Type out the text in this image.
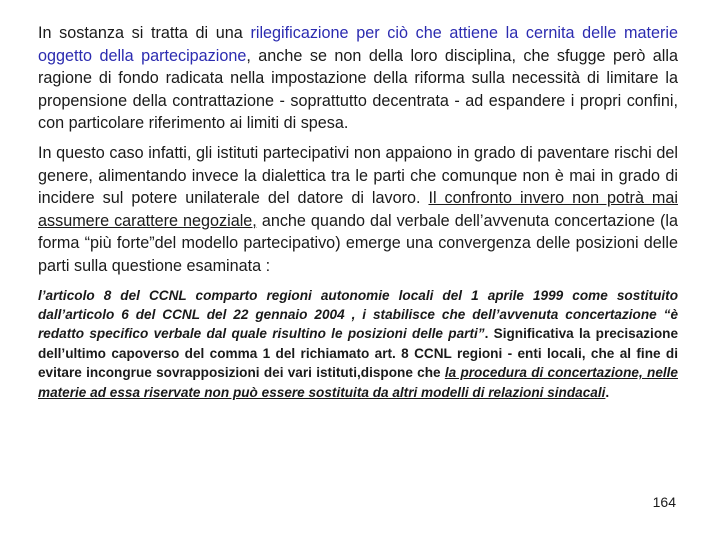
In sostanza si tratta di una rilegificazione per ciò che attiene la cernita delle materie oggetto della partecipazione, anche se non della loro disciplina, che sfugge però alla ragione di fondo radicata nella impostazione della riforma sulla necessità di limitare la propensione della contrattazione - soprattutto decentrata - ad espandere i propri confini, con particolare riferimento ai limiti di spesa.

In questo caso infatti, gli istituti partecipativi non appaiono in grado di paventare rischi del genere, alimentando invece la dialettica tra le parti che comunque non è mai in grado di incidere sul potere unilaterale del datore di lavoro. Il confronto invero non potrà mai assumere carattere negoziale, anche quando dal verbale dell’avvenuta concertazione (la forma “più forte”del modello partecipativo) emerge una convergenza delle posizioni delle parti sulla questione esaminata :

l’articolo 8 del CCNL comparto regioni autonomie locali del 1 aprile 1999 come sostituito dall’articolo 6 del CCNL del 22 gennaio 2004 , i stabilisce che dell’avvenuta concertazione “è redatto specifico verbale dal quale risultino le posizioni delle parti”. Significativa la precisazione dell’ultimo capoverso del comma 1 del richiamato art. 8 CCNL regioni - enti locali, che al fine di evitare incongrue sovrapposizioni dei vari istituti,dispone che la procedura di concertazione, nelle materie ad essa riservate non può essere sostituita da altri modelli di relazioni sindacali.

164
